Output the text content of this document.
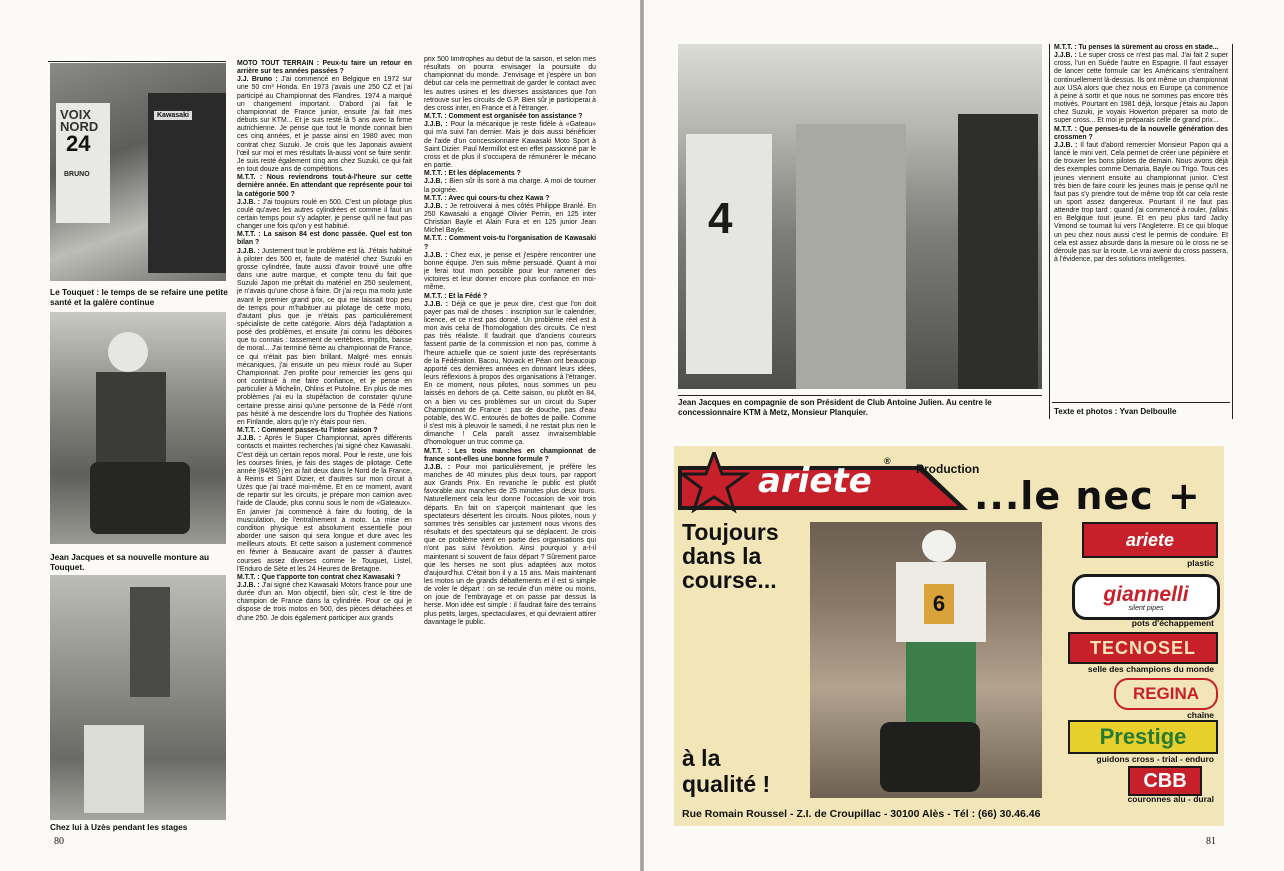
VOIX
NORD
24
BRUNO
Kawasaki
Le Touquet : le temps de se refaire une petite santé et la galère continue
Jean Jacques et sa nouvelle monture au Touquet.
Chez lui à Uzès pendant les stages
80

MOTO TOUT TERRAIN : Peux-tu faire un retour en arrière sur tes années passées ?

J.J. Bruno : J'ai commencé en Belgique en 1972 sur une 50 cm³ Honda. En 1973 j'avais une 250 CZ et j'ai participé au Championnat des Flandres. 1974 a marqué un changement important. D'abord j'ai fait le championnat de France junior, ensuite j'ai fait mes débuts sur KTM... Et je suis resté là 5 ans avec la firme autrichienne. Je pense que tout le monde connait bien ces cinq années, et je passe ainsi en 1980 avec mon contrat chez Suzuki. Je crois que les Japonais avaient l'œil sur moi et mes résultats là-aussi vont se faire sentir. Je suis resté également cinq ans chez Suzuki, ce qui fait en tout douze ans de compétitions.

M.T.T. : Nous reviendrons tout-à-l'heure sur cette dernière année. En attendant que représente pour toi la catégorie 500 ?

J.J.B. : J'ai toujours roulé en 500. C'est un pilotage plus coulé qu'avec les autres cylindrées et comme il faut un certain temps pour s'y adapter, je pense qu'il ne faut pas changer une fois qu'on y est habitué.

M.T.T. : La saison 84 est donc passée. Quel est ton bilan ?

J.J.B. : Justement tout le problème est là. J'étais habitué à piloter des 500 et, faute de matériel chez Suzuki en grosse cylindrée, faute aussi d'avoir trouvé une offre dans une autre marque, et compte tenu du fait que Suzuki Japon me prêtait du matériel en 250 seulement, je n'avais qu'une chose à faire. Or j'ai reçu ma moto juste avant le premier grand prix, ce qui me laissait trop peu de temps pour m'habituer au pilotage de cette moto, d'autant plus que je n'étais pas particulièrement spécialiste de cette catégorie. Alors déjà l'adaptation a posé des problèmes, et ensuite j'ai connu les déboires que tu connais : tassement de vertèbres, impôts, baisse de moral... J'ai terminé 6ème au championnat de France, ce qui n'était pas bien brillant. Malgré mes ennuis mécaniques, j'ai ensuite un peu mieux roulé au Super Championnat. J'en profite pour remercier les gens qui ont continué à me faire confiance, et je pense en particulier à Michelin, Ohlins et Putoline. En plus de mes problèmes j'ai eu la stupéfaction de constater qu'une certaine presse ainsi qu'une personne de la Fédé n'ont pas hésité à me descendre lors du Trophée des Nations en Finlande, alors qu'je n'y étais pour rien.

M.T.T. : Comment passes-tu l'inter saison ?

J.J.B. : Après le Super Championnat, après différents contacts et maintes recherches j'ai signé chez Kawasaki. C'est déjà un certain repos moral. Pour le reste, une fois les courses finies, je fais des stages de pilotage. Cette année (84/85) j'en ai fait deux dans le Nord de la France, à Reims et Saint Dizier, et d'autres sur mon circuit à Uzès que j'ai tracé moi-même. Et en ce moment, avant de repartir sur les circuits, je prépare mon camion avec l'aide de Claude, plus connu sous le nom de «Gateaux». En janvier j'ai commencé à faire du footing, de la musculation, de l'entraînement à moto. La mise en condition physique est absolument essentielle pour aborder une saison qui sera longue et dure avec les meilleurs atouts. Et cette saison a justement commencé en février à Beaucaire avant de passer à d'autres courses assez diverses comme le Touquet, Listel, l'Enduro de Sète et les 24 Heures de Bretagne.

M.T.T. : Que t'apporte ton contrat chez Kawasaki ?

J.J.B. : J'ai signé chez Kawasaki Motors france pour une durée d'un an. Mon objectif, bien sûr, c'est le titre de champion de France dans la cylindrée. Pour ce qui je dispose de trois motos en 500, des pièces détachées et d'une 250. Je dois également participer aux grands

prix 500 limitrophes au début de la saison, et selon mes résultats on pourra envisager la poursuite du championnat du monde. J'envisage et j'espère un bon début car cela me permettrait de garder le contact avec les autres usines et les diverses assistances que l'on retrouve sur les circuits de G.P. Bien sûr je participerai à des cross inter, en France et à l'étranger.

M.T.T. : Comment est organisée ton assistance ?

J.J.B. : Pour la mécanique je reste fidèle à «Gateau» qui m'a suivi l'an dernier. Mais je dois aussi bénéficier de l'aide d'un concessionnaire Kawasaki Moto Sport à Saint Dizier. Paul Mermillot est en effet passionné par le cross et de plus il s'occupera de rémunérer le mécano en partie.

M.T.T. : Et les déplacements ?

J.J.B. : Bien sûr ils sont à ma charge. A moi de tourner la poignée.

M.T.T. : Avec qui cours-tu chez Kawa ?

J.J.B. : Je retrouverai à mes côtés Philippe Branlé. En 250 Kawasaki a engagé Olivier Perrin, en 125 inter Christian Bayle et Alain Fura et en 125 junior Jean Michel Bayle.

M.T.T. : Comment vois-tu l'organisation de Kawasaki ?

J.J.B. : Chez eux, je pense et j'espère rencontrer une bonne équipe. J'en suis même persuadé. Quant à moi je ferai tout mon possible pour leur ramener des victoires et leur donner encore plus confiance en moi-même.

M.T.T. : Et la Fédé ?

J.J.B. : Déjà ce que je peux dire, c'est que l'on doit payer pas mal de choses : inscription sur le calendrier, licence, et ce n'est pas donné. Un problème réel est à mon avis celui de l'homologation des circuits. Ce n'est pas très réaliste. Il faudrait que d'anciens coureurs fassent partie de la commission et non pas, comme à l'heure actuelle que ce soient juste des représentants de la Fédération. Bacou, Novack et Péan ont beaucoup apporté ces dernières années en donnant leurs idées, leurs réflexions à propos des organisations à l'étranger. En ce moment, nous pilotes, nous sommes un peu laissés en dehors de ça. Cette saison, ou plutôt en 84, on a bien vu ces problèmes sur un circuit du Super Championnat de France : pas de douche, pas d'eau potable, des W.C. entourés de bottes de paille. Comme il s'est mis à pleuvoir le samedi, il ne restait plus rien le dimanche ! Cela paraît assez invraisemblable d'homologuer un truc comme ça.

M.T.T. : Les trois manches en championnat de france sont-elles une bonne formule ?

J.J.B. : Pour moi particulièrement, je préfère les manches de 40 minutes plus deux tours, par rapport aux Grands Prix. En revanche le public est plutôt favorable aux manches de 25 minutes plus deux tours. Naturellement cela leur donne l'occasion de voir trois départs. En fait on s'aperçoit maintenant que les spectateurs désertent les circuits. Nous pilotes, nous y sommes très sensibles car justement nous vivons des résultats et des spectateurs qui se déplacent. Je crois que ce problème vient en partie des organisations qui n'ont pas suivi l'évolution. Ainsi pourquoi y a-t-il maintenant si souvent de faux départ ? Sûrement parce que les herses ne sont plus adaptées aux motos d'aujourd'hui. C'était bon il y a 15 ans. Mais maintenant les motos un de grands débattements et il est si simple de voler le départ : on se recule d'un mètre ou moins, on joue de l'embrayage et on passe par dessus la herse. Mon idée est simple : il faudrait faire des terrains plus petits, larges, spectaculaires, et qui devraient attirer davantage le public.

4
Jean Jacques en compagnie de son Président de Club Antoine Julien. Au centre le concessionnaire KTM à Metz, Monsieur Planquier.

M.T.T. : Tu penses là sûrement au cross en stade...

J.J.B. : Le super cross ce n'est pas mal. J'ai fait 2 super cross, l'un en Suède l'autre en Espagne. Il faut essayer de lancer cette formule car les Américains s'entraînent continuellement là-dessus. Ils ont même un championnat aux USA alors que chez nous en Europe ça commence à peine à sortir et que nous ne sommes pas encore très motivés. Pourtant en 1981 déjà, lorsque j'étais au Japon chez Suzuki, je voyais Howerton préparer sa moto de super cross... Et moi je préparais celle de grand prix...

M.T.T. : Que penses-tu de la nouvelle génération des crossmen ?

J.J.B. : Il faut d'abord remercier Monsieur Papon qui a lancé le mini vert. Cela permet de créer une pépinière et de trouver les bons pilotes de demain. Nous avons déjà des exemples comme Demaria, Bayle ou Trigo. Tous ces jeunes viennent ensuite au championnat junior. C'est très bien de faire courir les jeunes mais je pense qu'il ne faut pas s'y prendre tout de même trop tôt car cela reste un sport assez dangereux. Pourtant il ne faut pas attendre trop tard : quand j'ai commencé à rouler, j'allais en Belgique tout jeune. Et en peu plus tard Jacky Vimond se tournait lui vers l'Angleterre. Et ce qui bloque un peu chez nous aussi c'est le permis de conduire. Et cela est assez absurde dans la mesure où le cross ne se déroule pas sur la route. Le vrai avenir du cross passera, à l'évidence, par des solutions intelligentes.

Texte et photos : Yvan Delboulle
81
ariete ®
Production
...le nec +
Toujours
dans la
course...
à la
qualité !
6
ariete
plastic
giannelli
silent pipes
pots d'échappement
TECNOSEL
selle des champions du monde
REGINA
chaîne
Prestige
guidons cross - trial - enduro
CBB
couronnes alu - dural
Rue Romain Roussel - Z.I. de Croupillac - 30100 Alès - Tél : (66) 30.46.46
